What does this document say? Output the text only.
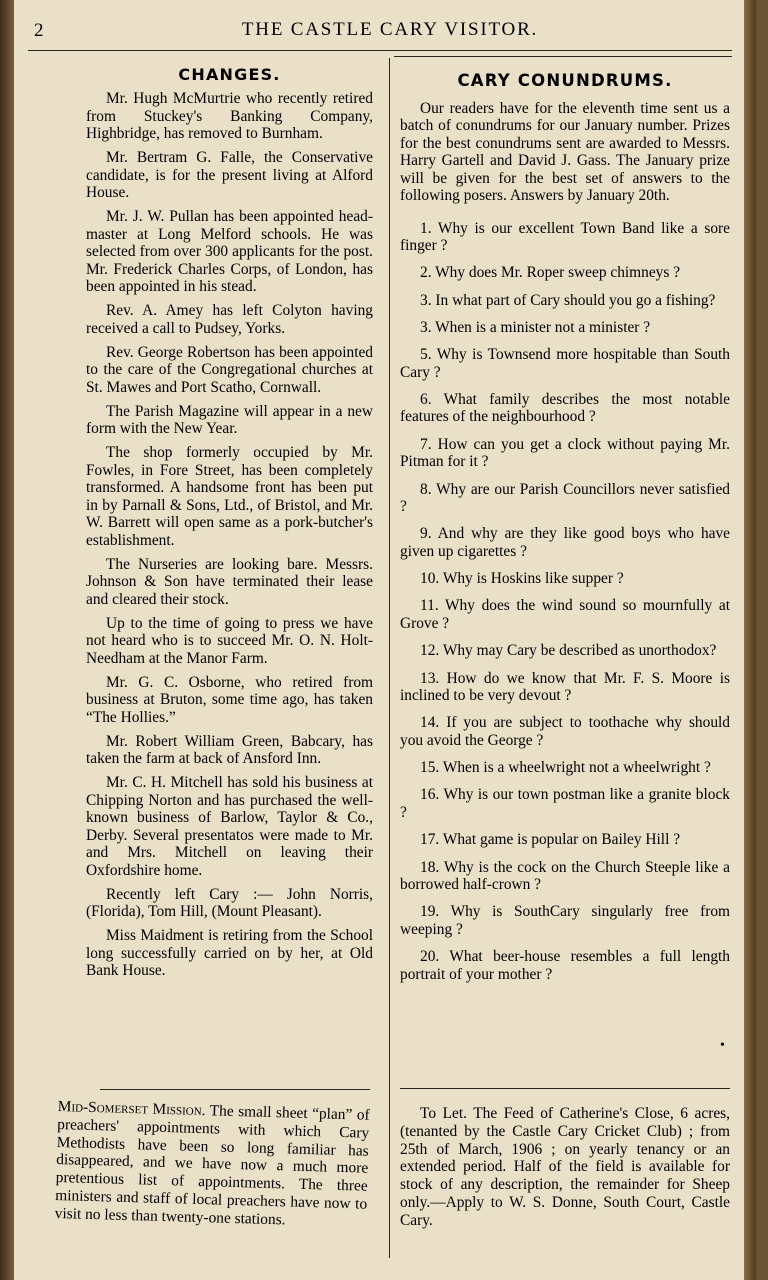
2	THE CASTLE CARY VISITOR.

CHANGES.

Mr. Hugh McMurtrie who recently retired from Stuckey's Banking Company, Highbridge, has removed to Burnham.

Mr. Bertram G. Falle, the Conservative candidate, is for the present living at Alford House.

Mr. J. W. Pullan has been appointed head-master at Long Melford schools. He was selected from over 300 applicants for the post. Mr. Frederick Charles Corps, of London, has been appointed in his stead.

Rev. A. Amey has left Colyton having received a call to Pudsey, Yorks.

Rev. George Robertson has been appointed to the care of the Congregational churches at St. Mawes and Port Scatho, Cornwall.

The Parish Magazine will appear in a new form with the New Year.

The shop formerly occupied by Mr. Fowles, in Fore Street, has been completely transformed. A handsome front has been put in by Parnall & Sons, Ltd., of Bristol, and Mr. W. Barrett will open same as a pork-butcher's establishment.

The Nurseries are looking bare. Messrs. Johnson & Son have terminated their lease and cleared their stock.

Up to the time of going to press we have not heard who is to succeed Mr. O. N. Holt-Needham at the Manor Farm.

Mr. G. C. Osborne, who retired from business at Bruton, some time ago, has taken “The Hollies.”

Mr. Robert William Green, Babcary, has taken the farm at back of Ansford Inn.

Mr. C. H. Mitchell has sold his business at Chipping Norton and has purchased the well-known business of Barlow, Taylor & Co., Derby. Several presentatos were made to Mr. and Mrs. Mitchell on leaving their Oxfordshire home.

Recently left Cary :— John Norris, (Florida), Tom Hill, (Mount Pleasant).

Miss Maidment is retiring from the School long successfully carried on by her, at Old Bank House.

Mid-Somerset Mission. The small sheet “plan” of preachers' appointments with which Cary Methodists have been so long familiar has disappeared, and we have now a much more pretentious list of appointments. The three ministers and staff of local preachers have now to visit no less than twenty-one stations.

CARY CONUNDRUMS.

Our readers have for the eleventh time sent us a batch of conundrums for our January number. Prizes for the best conundrums sent are awarded to Messrs. Harry Gartell and David J. Gass. The January prize will be given for the best set of answers to the following posers. Answers by January 20th.

1. Why is our excellent Town Band like a sore finger ?

2. Why does Mr. Roper sweep chimneys ?

3. In what part of Cary should you go a fishing?

3. When is a minister not a minister ?

5. Why is Townsend more hospitable than South Cary ?

6. What family describes the most notable features of the neighbourhood ?

7. How can you get a clock without paying Mr. Pitman for it ?

8. Why are our Parish Councillors never satisfied ?

9. And why are they like good boys who have given up cigarettes ?

10. Why is Hoskins like supper ?

11. Why does the wind sound so mournfully at Grove ?

12. Why may Cary be described as unorthodox?

13. How do we know that Mr. F. S. Moore is inclined to be very devout ?

14. If you are subject to toothache why should you avoid the George ?

15. When is a wheelwright not a wheelwright ?

16. Why is our town postman like a granite block ?

17. What game is popular on Bailey Hill ?

18. Why is the cock on the Church Steeple like a borrowed half-crown ?

19. Why is SouthCary singularly free from weeping ?

20. What beer-house resembles a full length portrait of your mother ?

•

To Let. The Feed of Catherine's Close, 6 acres, (tenanted by the Castle Cary Cricket Club) ; from 25th of March, 1906 ; on yearly tenancy or an extended period. Half of the field is available for stock of any description, the remainder for Sheep only.—Apply to W. S. Donne, South Court, Castle Cary.
